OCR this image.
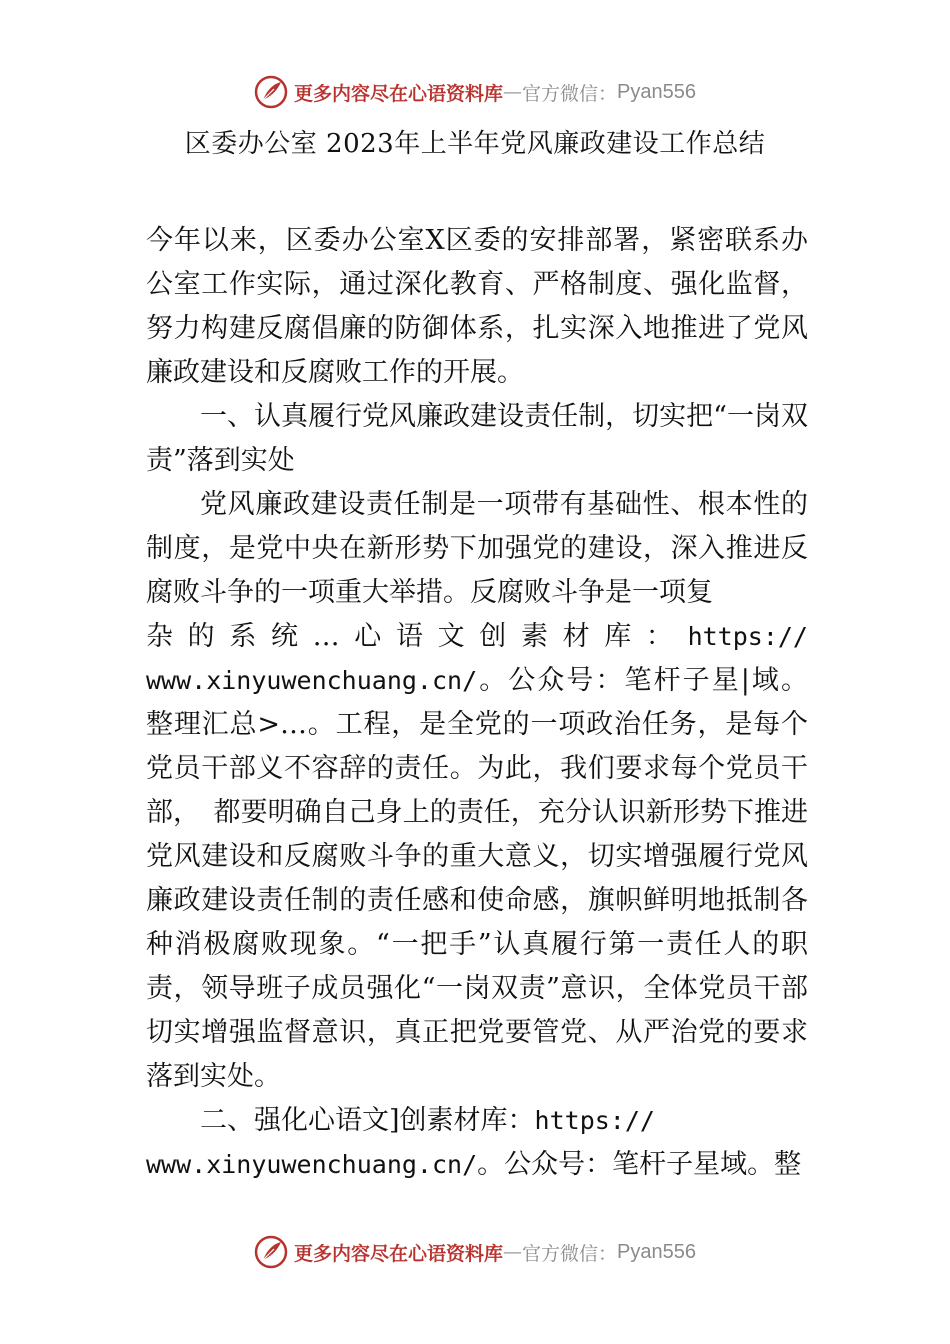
更多内容尽在心语资料库 — 官方微信： Pyan556
区委办公室 2023年上半年党风廉政建设工作总结

今年以来，区委办公室X区委的安排部署，紧密联系办公室工作实际，通过深化教育、严格制度、强化监督，努力构建反腐倡廉的防御体系，扎实深入地推进了党风廉政建设和反腐败工作的开展。

一、认真履行党风廉政建设责任制，切实把“一岗双责”落到实处

党风廉政建设责任制是一项带有基础性、根本性的制度，是党中央在新形势下加强党的建设，深入推进反腐败斗争的一项重大举措。反腐败斗争是一项复

杂的系统…心语文创素材库：https://

www.xinyuwenchuang.cn/。公众号：笔杆子星|域。整理汇总>…。工程，是全党的一项政治任务，是每个党员干部义不容辞的责任。为此，我们要求每个党员干部，　都要明确自己身上的责任，充分认识新形势下推进党风建设和反腐败斗争的重大意义，切实增强履行党风廉政建设责任制的责任感和使命感，旗帜鲜明地抵制各种消极腐败现象。“一把手”认真履行第一责任人的职责，领导班子成员强化“一岗双责”意识，全体党员干部切实增强监督意识，真正把党要管党、从严治党的要求落到实处。

二、强化心语文]创素材库：https://

www.xinyuwenchuang.cn/。公众号：笔杆子星域。整

更多内容尽在心语资料库 — 官方微信： Pyan556
